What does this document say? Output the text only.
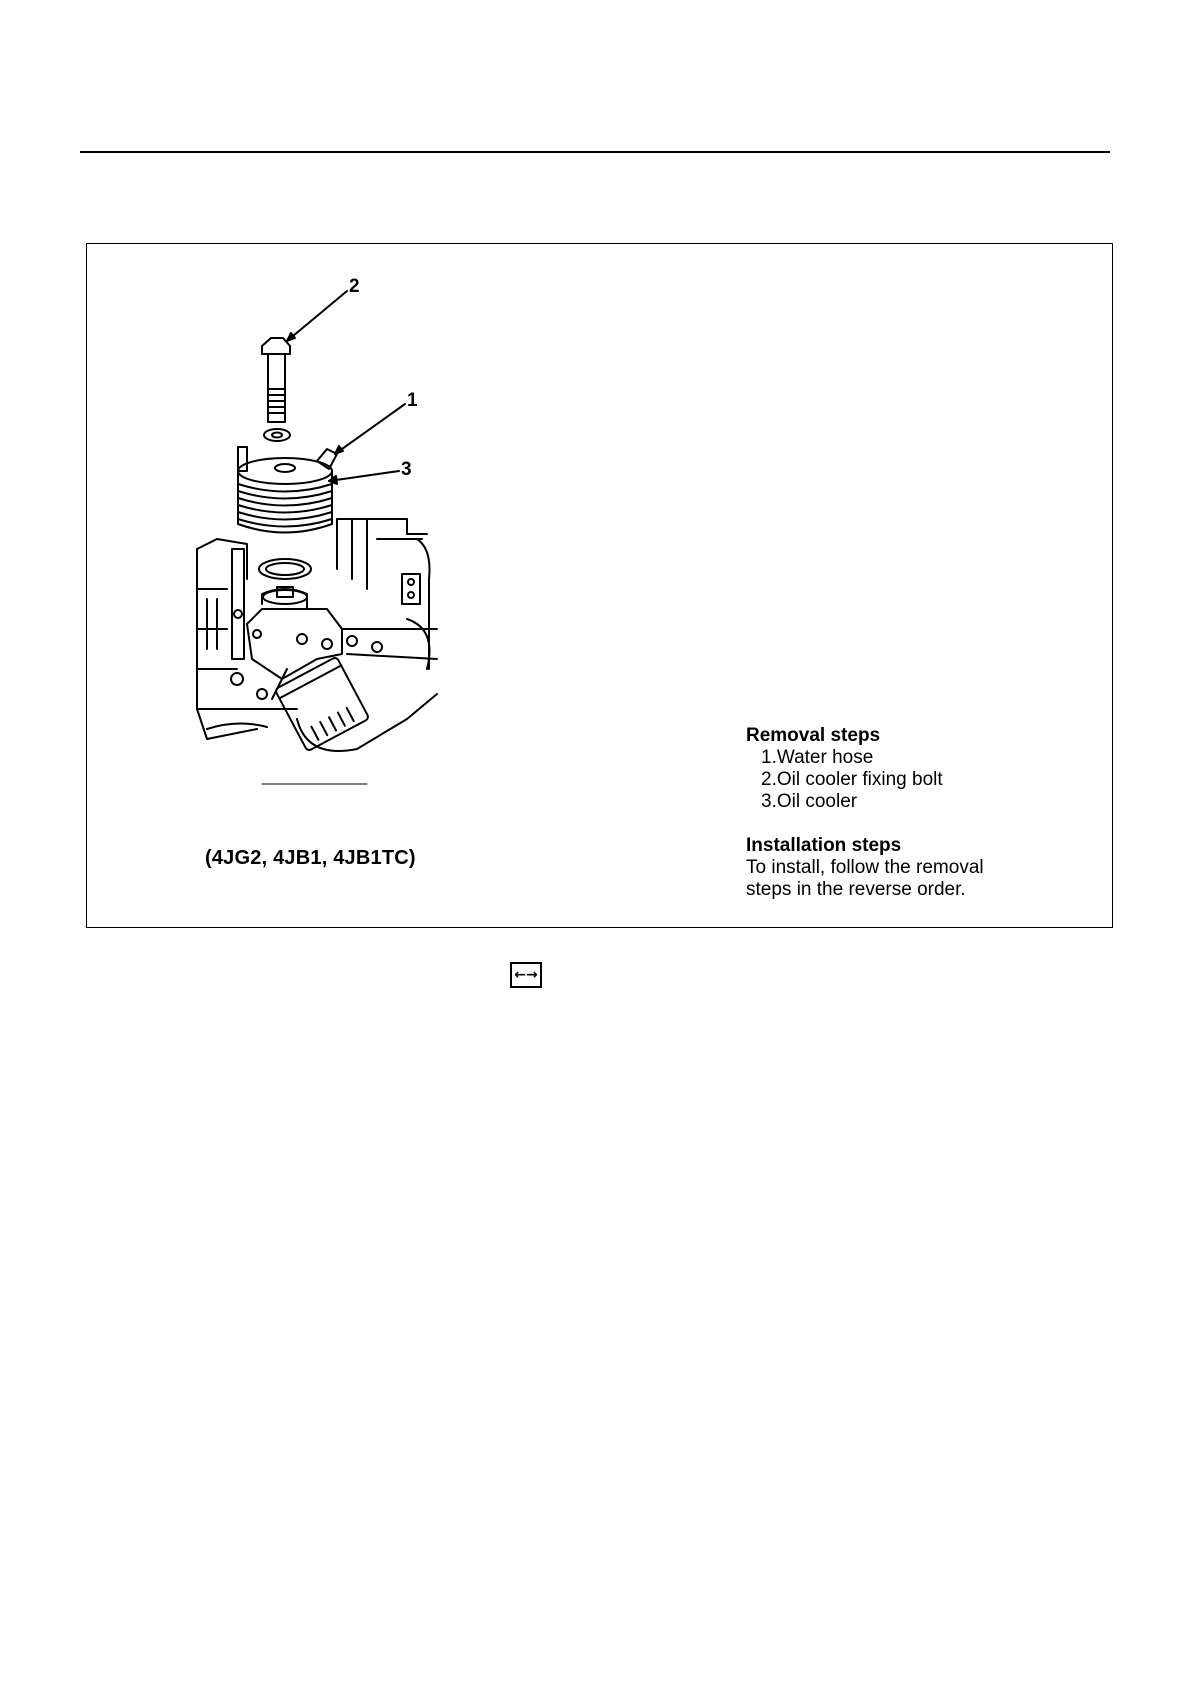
2
1
3
(4JG2, 4JB1, 4JB1TC)
Removal steps
1.Water hose
2.Oil cooler fixing bolt
3.Oil cooler
Installation steps
To install, follow the removal
steps in the reverse order.
←→
